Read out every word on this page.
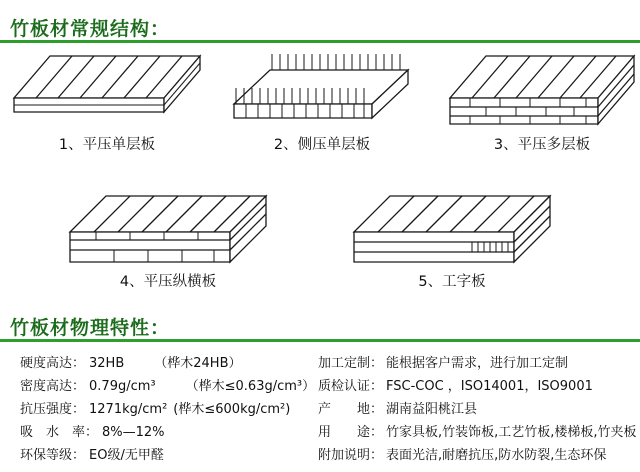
竹板材常规结构：
1、平压单层板	2、侧压单层板	3、平压多层板
4、平压纵横板	5、工字板
竹板材物理特性：
硬度高达： 32HB （桦木24HB）
密度高达： 0.79g/cm³ （桦木≤0.63g/cm³）
抗压强度： 1271kg/cm² (桦木≤600kg/cm²)
吸　水　率： 8%—12%
环保等级： EO级/无甲醛
加工定制： 能根据客户需求，进行加工定制
质检认证： FSC-COC ，ISO14001，ISO9001
产　　地： 湖南益阳桃江县
用　　途： 竹家具板,竹装饰板,工艺竹板,楼梯板,竹夹板
附加说明： 表面光洁,耐磨抗压,防水防裂,生态环保
